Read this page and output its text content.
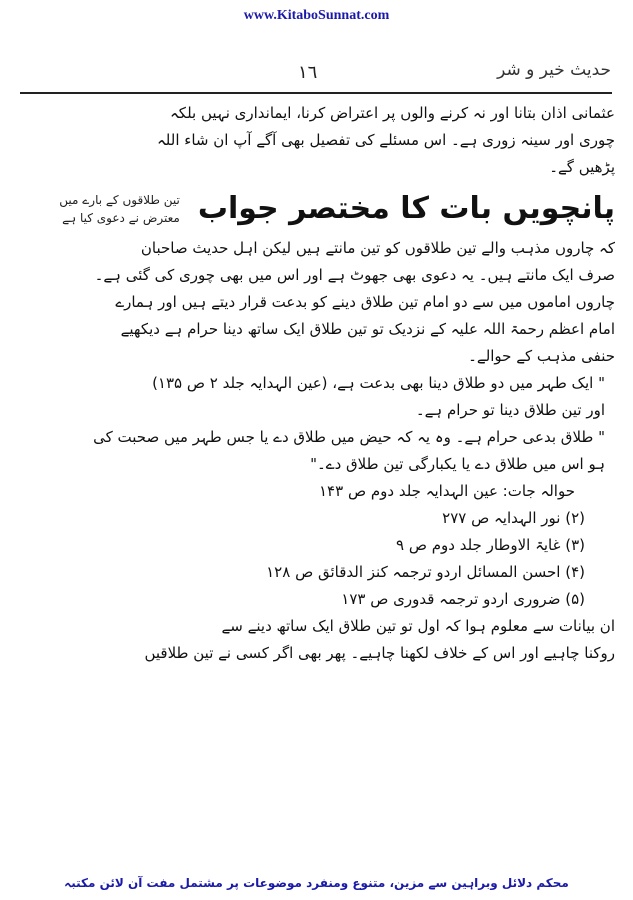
www.KitaboSunnat.com
حدیث خیر و شر
١٦
عثمانی اذان بتانا اور نہ کرنے والوں پر اعتراض کرنا، ایمانداری نہیں بلکہ
چوری اور سینہ زوری ہے۔ اس مسئلے کی تفصیل بھی آگے آپ ان شاء اللہ
پڑھیں گے۔
پانچویں بات کا مختصر جواب
تین طلاقوں کے بارے میں
معترض نے دعوی کیا ہے
کہ چاروں مذہب والے تین طلاقوں کو تین مانتے ہیں لیکن اہل حدیث صاحبان
صرف ایک مانتے ہیں۔ یہ دعوی بھی جھوٹ ہے اور اس میں بھی چوری کی گئی ہے۔
چاروں اماموں میں سے دو امام تین طلاق دینے کو بدعت قرار دیتے ہیں اور ہمارے
امام اعظم رحمۃ اللہ علیہ کے نزدیک تو تین طلاق ایک ساتھ دینا حرام ہے دیکھیے
حنفی مذہب کے حوالے۔
" ایک طہر میں دو طلاق دینا بھی بدعت ہے، (عین الہدایہ جلد ۲ ص ۱۳۵)
اور تین طلاق دینا تو حرام ہے۔
" طلاق بدعی حرام ہے۔ وہ یہ کہ حیض میں طلاق دے یا جس طہر میں صحبت کی
ہو اس میں طلاق دے یا یکبارگی تین طلاق دے۔"
حوالہ جات: عین الہدایہ جلد دوم ص ۱۴۳
(۲) نور الہدایہ ص ۲۷۷
(۳) غایۃ الاوطار جلد دوم ص ۹
(۴) احسن المسائل اردو ترجمہ کنز الدقائق ص ۱۲۸
(۵) ضروری اردو ترجمہ قدوری ص ۱۷۳
ان بیانات سے معلوم ہوا کہ اول تو تین طلاق ایک ساتھ دینے سے
روکنا چاہیے اور اس کے خلاف لکھنا چاہیے۔ پھر بھی اگر کسی نے تین طلاقیں
محکم دلائل وبراہین سے مزین، متنوع ومنفرد موضوعات پر مشتمل مفت آن لائن مکتبہ
